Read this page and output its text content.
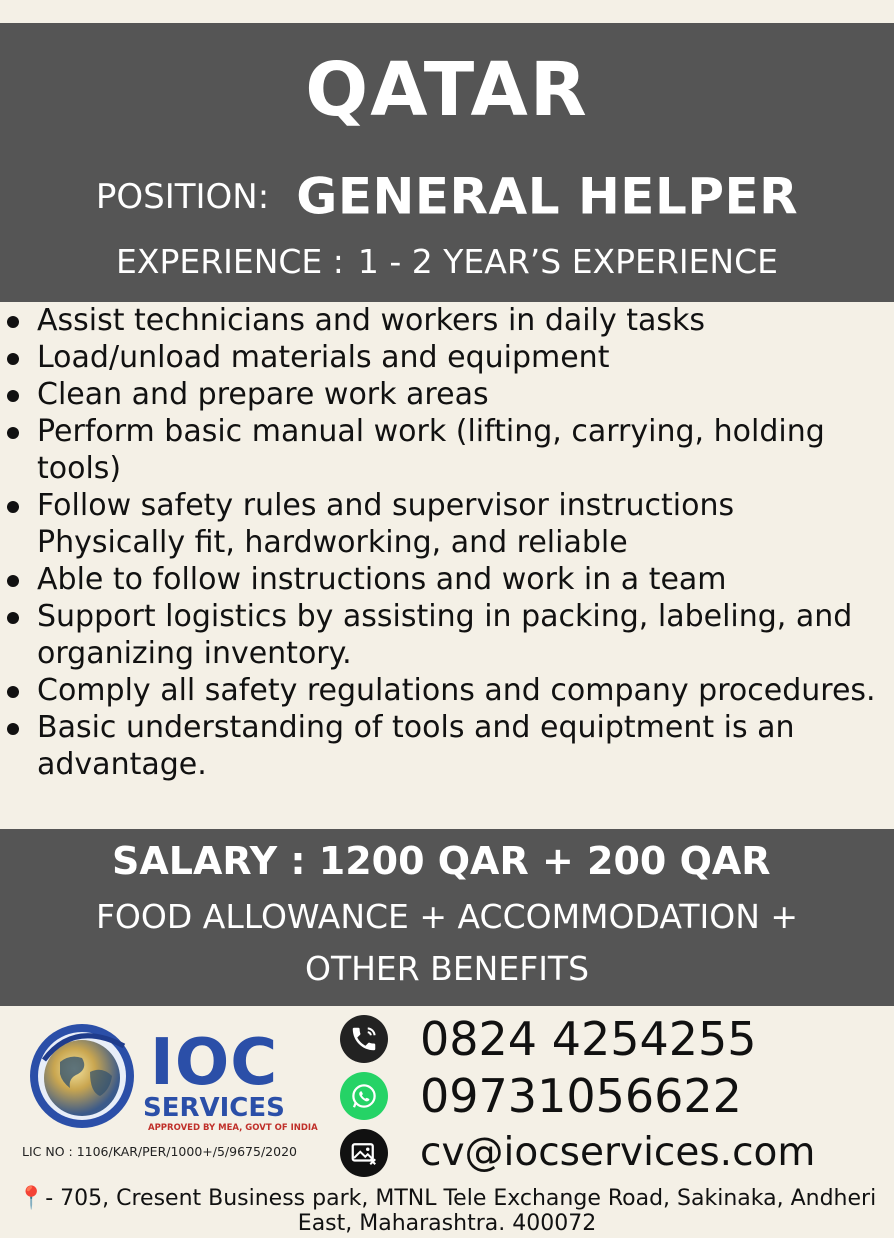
QATAR
POSITION: GENERAL HELPER
EXPERIENCE : 1 - 2 YEAR’S EXPERIENCE
Assist technicians and workers in daily tasks
Load/unload materials and equipment
Clean and prepare work areas
Perform basic manual work (lifting, carrying, holding tools)
Follow safety rules and supervisor instructions Physically fit, hardworking, and reliable
Able to follow instructions and work in a team
Support logistics by assisting in packing, labeling, and organizing inventory.
Comply all safety regulations and company procedures.
Basic understanding of tools and equiptment is an advantage.
SALARY : 1200 QAR + 200 QAR
FOOD ALLOWANCE + ACCOMMODATION + OTHER BENEFITS
IOC
SERVICES
APPROVED BY MEA, GOVT OF INDIA
LIC NO : 1106/KAR/PER/1000+/5/9675/2020
0824 4254255
09731056622
cv@iocservices.com
📍- 705, Cresent Business park, MTNL Tele Exchange Road, Sakinaka, Andheri East, Maharashtra. 400072
